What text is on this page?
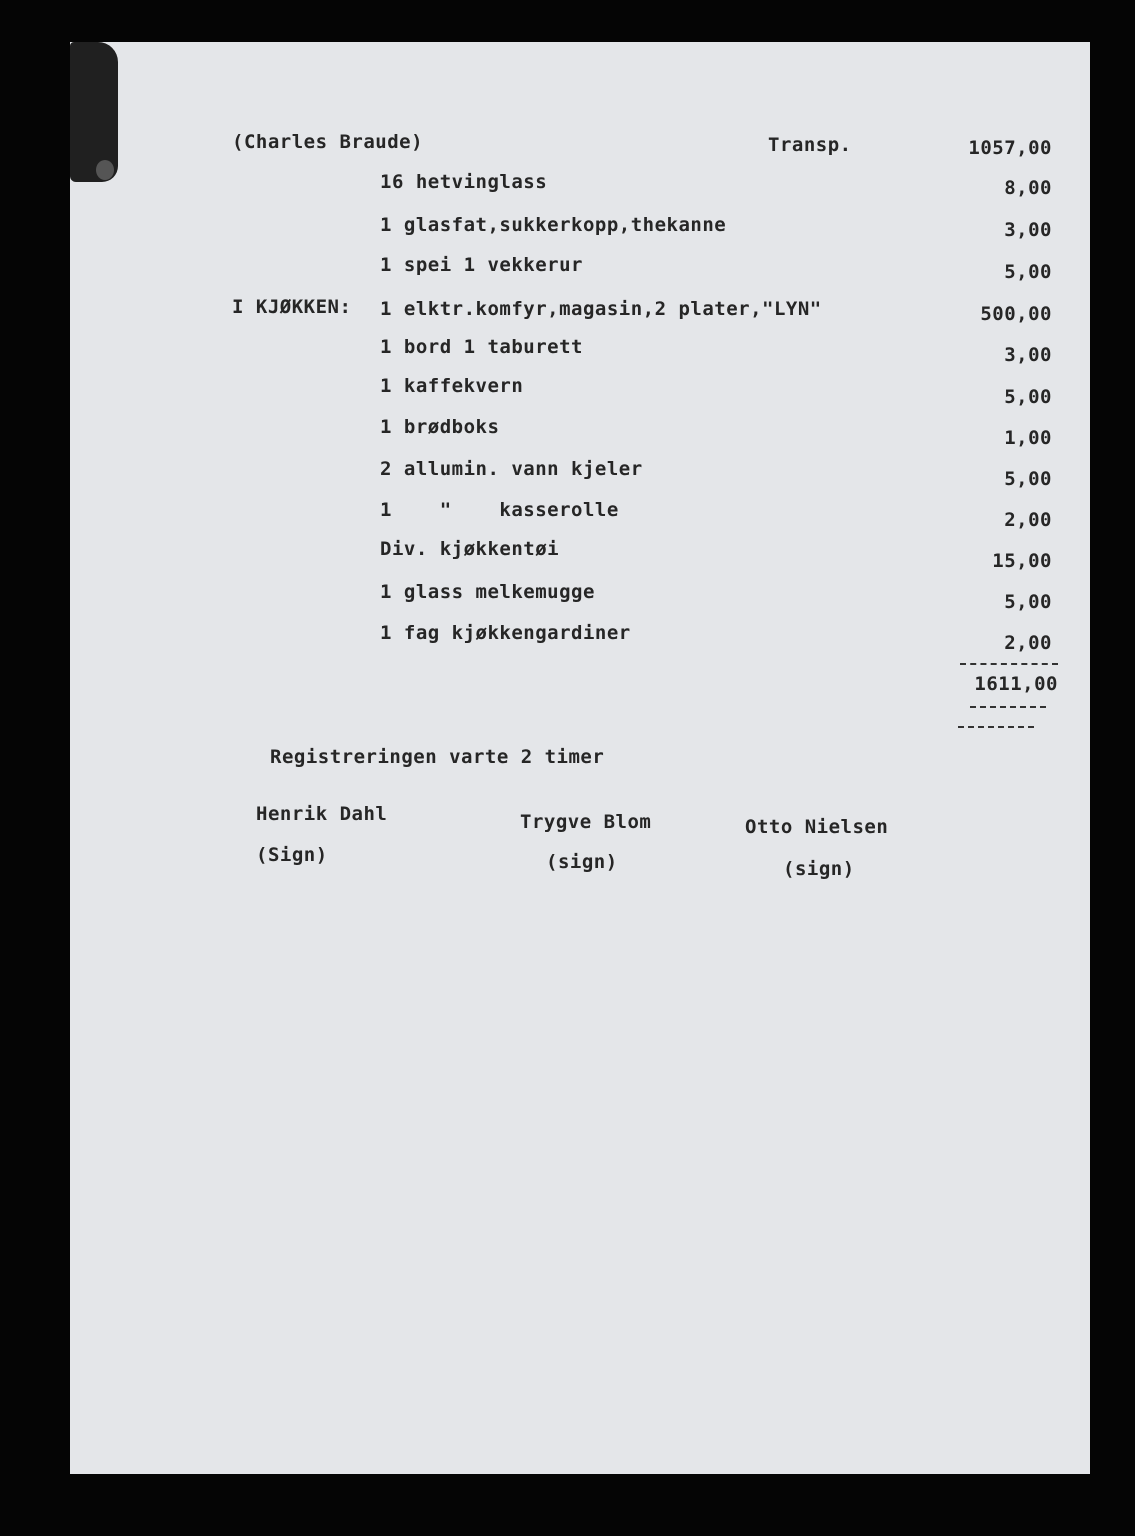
(Charles Braude)	Transp.	1057,00

I KJØKKEN:

16 hetvinglass

1 glasfat,sukkerkopp,thekanne

1 spei 1 vekkerur

1 elktr.komfyr,magasin,2 plater,"LYN"

1 bord 1 taburett

1 kaffekvern

1 brødboks

2 allumin. vann kjeler

1    "    kasserolle

Div. kjøkkentøi

1 glass melkemugge

1 fag kjøkkengardiner

8,00

3,00

5,00

500,00

3,00

5,00

1,00

5,00

2,00

15,00

5,00

2,00

1611,00

Registreringen varte 2 timer

Henrik Dahl

(Sign)

Trygve Blom

(sign)

Otto Nielsen

(sign)
